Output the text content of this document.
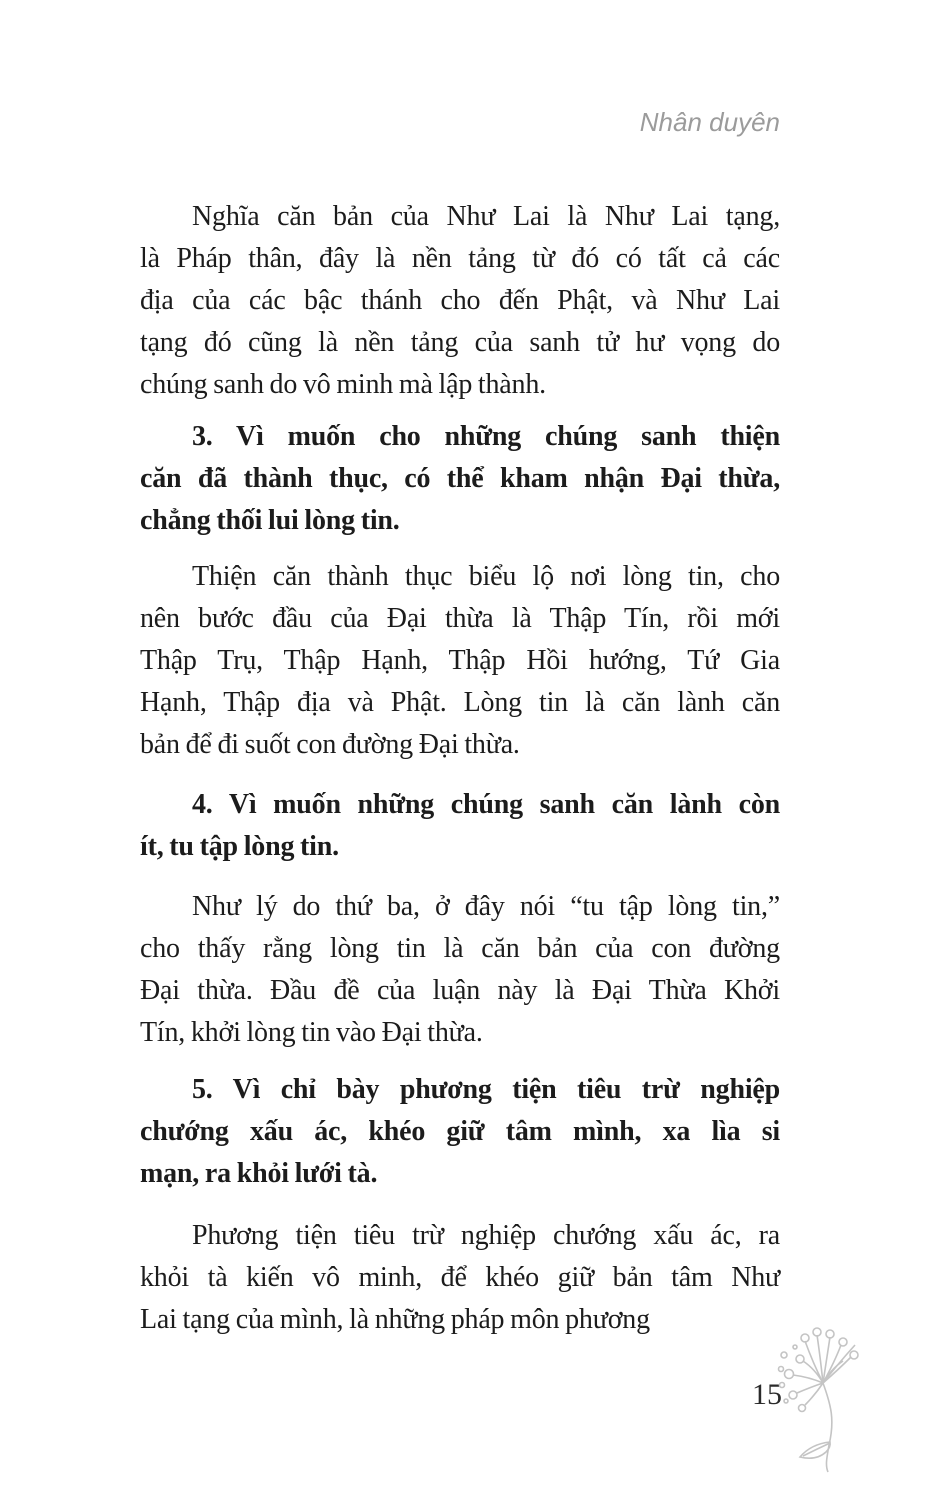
Nhân duyên
Nghĩa căn bản của Như Lai là Như Lai tạng,
là Pháp thân, đây là nền tảng từ đó có tất cả các
địa của các bậc thánh cho đến Phật, và Như Lai
tạng đó cũng là nền tảng của sanh tử hư vọng do
chúng sanh do vô minh mà lập thành.
3. Vì muốn cho những chúng sanh thiện
căn đã thành thục, có thể kham nhận Đại thừa,
chẳng thối lui lòng tin.
Thiện căn thành thục biểu lộ nơi lòng tin, cho
nên bước đầu của Đại thừa là Thập Tín, rồi mới
Thập Trụ, Thập Hạnh, Thập Hồi hướng, Tứ Gia
Hạnh, Thập địa và Phật. Lòng tin là căn lành căn
bản để đi suốt con đường Đại thừa.
4. Vì muốn những chúng sanh căn lành còn
ít, tu tập lòng tin.
Như lý do thứ ba, ở đây nói “tu tập lòng tin,”
cho thấy rằng lòng tin là căn bản của con đường
Đại thừa. Đầu đề của luận này là Đại Thừa Khởi
Tín, khởi lòng tin vào Đại thừa.
5. Vì chỉ bày phương tiện tiêu trừ nghiệp
chướng xấu ác, khéo giữ tâm mình, xa lìa si
mạn, ra khỏi lưới tà.
Phương tiện tiêu trừ nghiệp chướng xấu ác, ra
khỏi tà kiến vô minh, để khéo giữ bản tâm Như
Lai tạng của mình, là những pháp môn phương
15
